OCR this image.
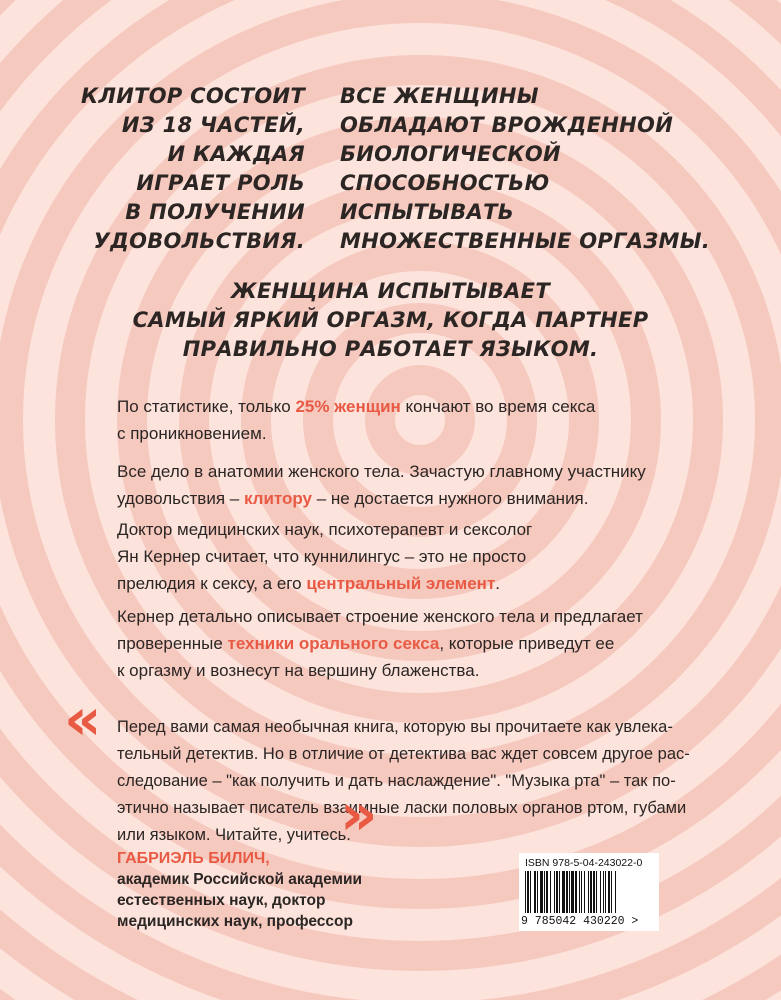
КЛИТОР СОСТОИТ
ИЗ 18 ЧАСТЕЙ,
И КАЖДАЯ
ИГРАЕТ РОЛЬ
В ПОЛУЧЕНИИ
УДОВОЛЬСТВИЯ.
ВСЕ ЖЕНЩИНЫ
ОБЛАДАЮТ ВРОЖДЕННОЙ
БИОЛОГИЧЕСКОЙ
СПОСОБНОСТЬЮ
ИСПЫТЫВАТЬ
МНОЖЕСТВЕННЫЕ ОРГАЗМЫ.
ЖЕНЩИНА ИСПЫТЫВАЕТ
САМЫЙ ЯРКИЙ ОРГАЗМ, КОГДА ПАРТНЕР
ПРАВИЛЬНО РАБОТАЕТ ЯЗЫКОМ.
По статистике, только 25% женщин кончают во время секса
с проникновением.
Все дело в анатомии женского тела. Зачастую главному участнику
удовольствия – клитору – не достается нужного внимания.
Доктор медицинских наук, психотерапевт и сексолог
Ян Кернер считает, что куннилингус – это не просто
прелюдия к сексу, а его центральный элемент.
Кернер детально описывает строение женского тела и предлагает
проверенные техники орального секса, которые приведут ее
к оргазму и вознесут на вершину блаженства.
« Перед вами самая необычная книга, которую вы прочитаете как увлека-
тельный детектив. Но в отличие от детектива вас ждет совсем другое рас-
следование – "как получить и дать наслаждение". "Музыка рта" – так по-
этично называет писатель взаимные ласки половых органов ртом, губами
или языком. Читайте, учитесь.
»
ГАБРИЭЛЬ БИЛИЧ,
академик Российской академии
естественных наук, доктор
медицинских наук, профессор
ISBN 978-5-04-243022-0
9 785042 430220 >
